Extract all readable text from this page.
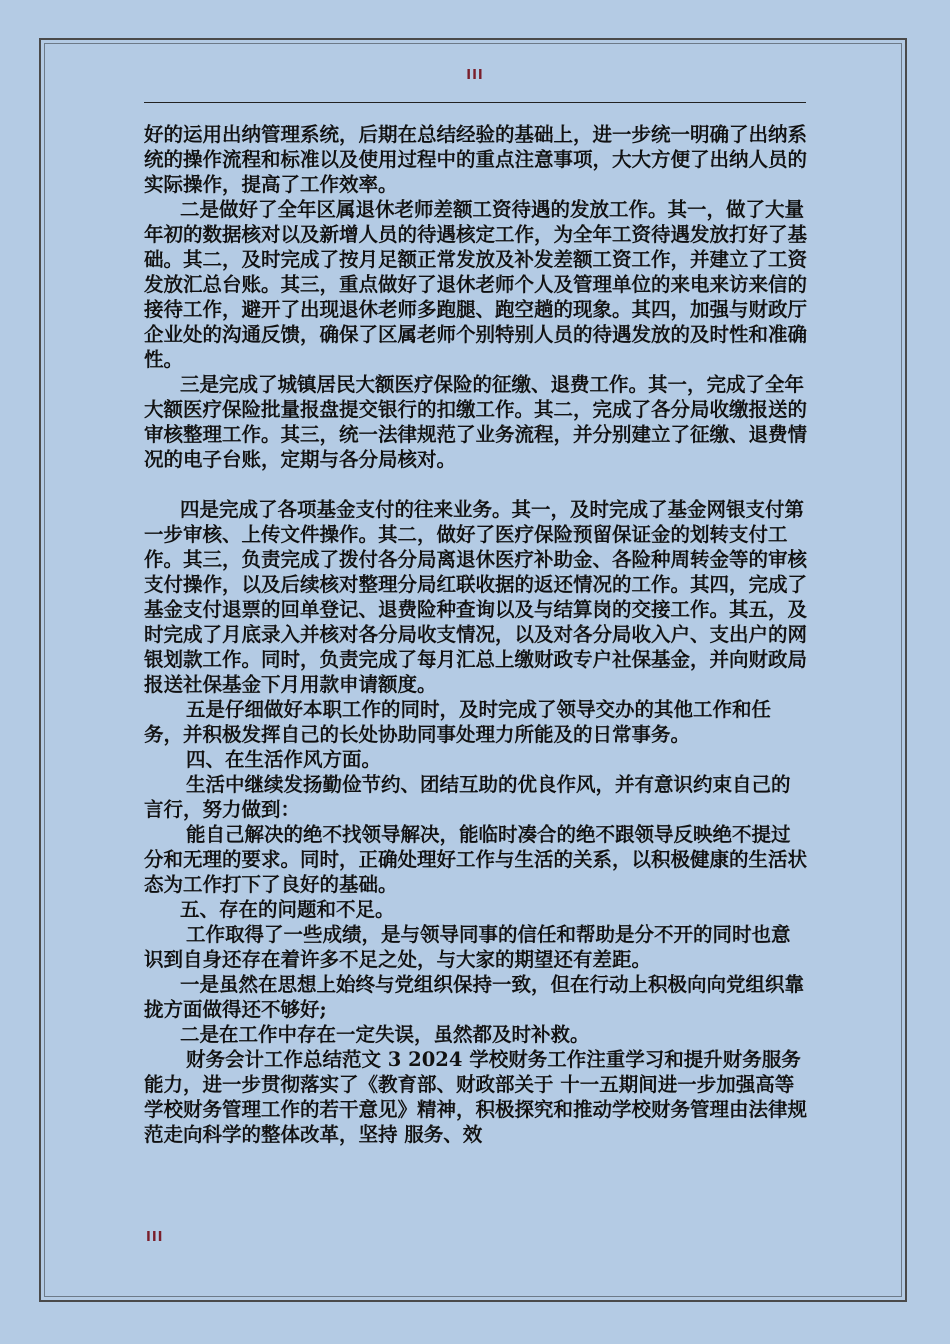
III

好的运用出纳管理系统，后期在总结经验的基础上，进一步统一明确了出纳系统的操作流程和标准以及使用过程中的重点注意事项，大大方便了出纳人员的实际操作，提高了工作效率。

二是做好了全年区属退休老师差额工资待遇的发放工作。其一，做了大量年初的数据核对以及新增人员的待遇核定工作，为全年工资待遇发放打好了基础。其二，及时完成了按月足额正常发放及补发差额工资工作，并建立了工资发放汇总台账。其三，重点做好了退休老师个人及管理单位的来电来访来信的接待工作，避开了出现退休老师多跑腿、跑空趟的现象。其四，加强与财政厅企业处的沟通反馈，确保了区属老师个别特别人员的待遇发放的及时性和准确性。

三是完成了城镇居民大额医疗保险的征缴、退费工作。其一，完成了全年大额医疗保险批量报盘提交银行的扣缴工作。其二，完成了各分局收缴报送的审核整理工作。其三，统一法律规范了业务流程，并分别建立了征缴、退费情况的电子台账，定期与各分局核对。

四是完成了各项基金支付的往来业务。其一，及时完成了基金网银支付第一步审核、上传文件操作。其二，做好了医疗保险预留保证金的划转支付工作。其三，负责完成了拨付各分局离退休医疗补助金、各险种周转金等的审核支付操作，以及后续核对整理分局红联收据的返还情况的工作。其四，完成了基金支付退票的回单登记、退费险种查询以及与结算岗的交接工作。其五，及时完成了月底录入并核对各分局收支情况，以及对各分局收入户、支出户的网银划款工作。同时，负责完成了每月汇总上缴财政专户社保基金，并向财政局报送社保基金下月用款申请额度。

五是仔细做好本职工作的同时，及时完成了领导交办的其他工作和任务，并积极发挥自己的长处协助同事处理力所能及的日常事务。

四、在生活作风方面。

生活中继续发扬勤俭节约、团结互助的优良作风，并有意识约束自己的言行，努力做到：

能自己解决的绝不找领导解决，能临时凑合的绝不跟领导反映绝不提过分和无理的要求。同时，正确处理好工作与生活的关系，以积极健康的生活状态为工作打下了良好的基础。

五、存在的问题和不足。

工作取得了一些成绩，是与领导同事的信任和帮助是分不开的同时也意识到自身还存在着许多不足之处，与大家的期望还有差距。

一是虽然在思想上始终与党组织保持一致，但在行动上积极向向党组织靠拢方面做得还不够好;

二是在工作中存在一定失误，虽然都及时补救。

财务会计工作总结范文 3 2024 学校财务工作注重学习和提升财务服务能力，进一步贯彻落实了《教育部、财政部关于 十一五期间进一步加强高等学校财务管理工作的若干意见》精神，积极探究和推动学校财务管理由法律规范走向科学的整体改革，坚持 服务、效

III
